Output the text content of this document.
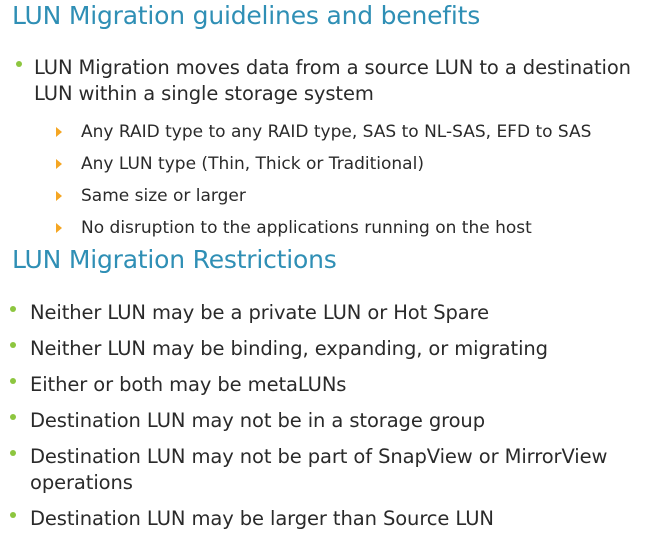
LUN Migration guidelines and benefits
LUN Migration moves data from a source LUN to a destination LUN within a single storage system
Any RAID type to any RAID type, SAS to NL-SAS, EFD to SAS
Any LUN type (Thin, Thick or Traditional)
Same size or larger
No disruption to the applications running on the host
LUN Migration Restrictions
Neither LUN may be a private LUN or Hot Spare
Neither LUN may be binding, expanding, or migrating
Either or both may be metaLUNs
Destination LUN may not be in a storage group
Destination LUN may not be part of SnapView or MirrorView operations
Destination LUN may be larger than Source LUN
